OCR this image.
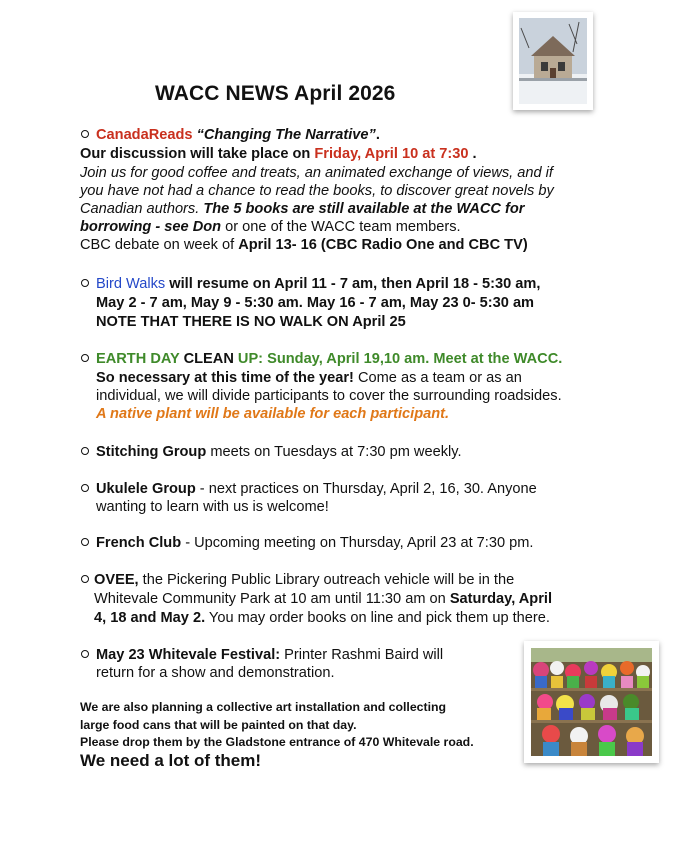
WACC NEWS April 2026
CanadaReads “Changing The Narrative”.
Our discussion will take place on Friday, April 10 at 7:30 .
Join us for good coffee and treats, an animated exchange of views, and if
you have not had a chance to read the books, to discover great novels by
Canadian authors. The 5 books are still available at the WACC for
borrowing - see Don or one of the WACC team members.
CBC debate on week of April 13- 16 (CBC Radio One and CBC TV)
Bird Walks will resume on April 11 - 7 am, then April 18 - 5:30 am,
May 2 - 7 am, May 9 - 5:30 am. May 16 - 7 am, May 23 0- 5:30 am
NOTE THAT THERE IS NO WALK ON April 25
EARTH DAY CLEAN UP: Sunday, April 19,10 am. Meet at the WACC.
So necessary at this time of the year! Come as a team or as an
individual, we will divide participants to cover the surrounding roadsides.
A native plant will be available for each participant.
Stitching Group meets on Tuesdays at 7:30 pm weekly.
Ukulele Group - next practices on Thursday, April 2, 16, 30. Anyone
wanting to learn with us is welcome!
French Club - Upcoming meeting on Thursday, April 23 at 7:30 pm.
OVEE, the Pickering Public Library outreach vehicle will be in the
Whitevale Community Park at 10 am until 11:30 am on Saturday, April
4, 18 and May 2. You may order books on line and pick them up there.
May 23 Whitevale Festival: Printer Rashmi Baird will
return for a show and demonstration.
We are also planning a collective art installation and collecting
large food cans that will be painted on that day.
Please drop them by the Gladstone entrance of 470 Whitevale road.
We need a lot of them!
